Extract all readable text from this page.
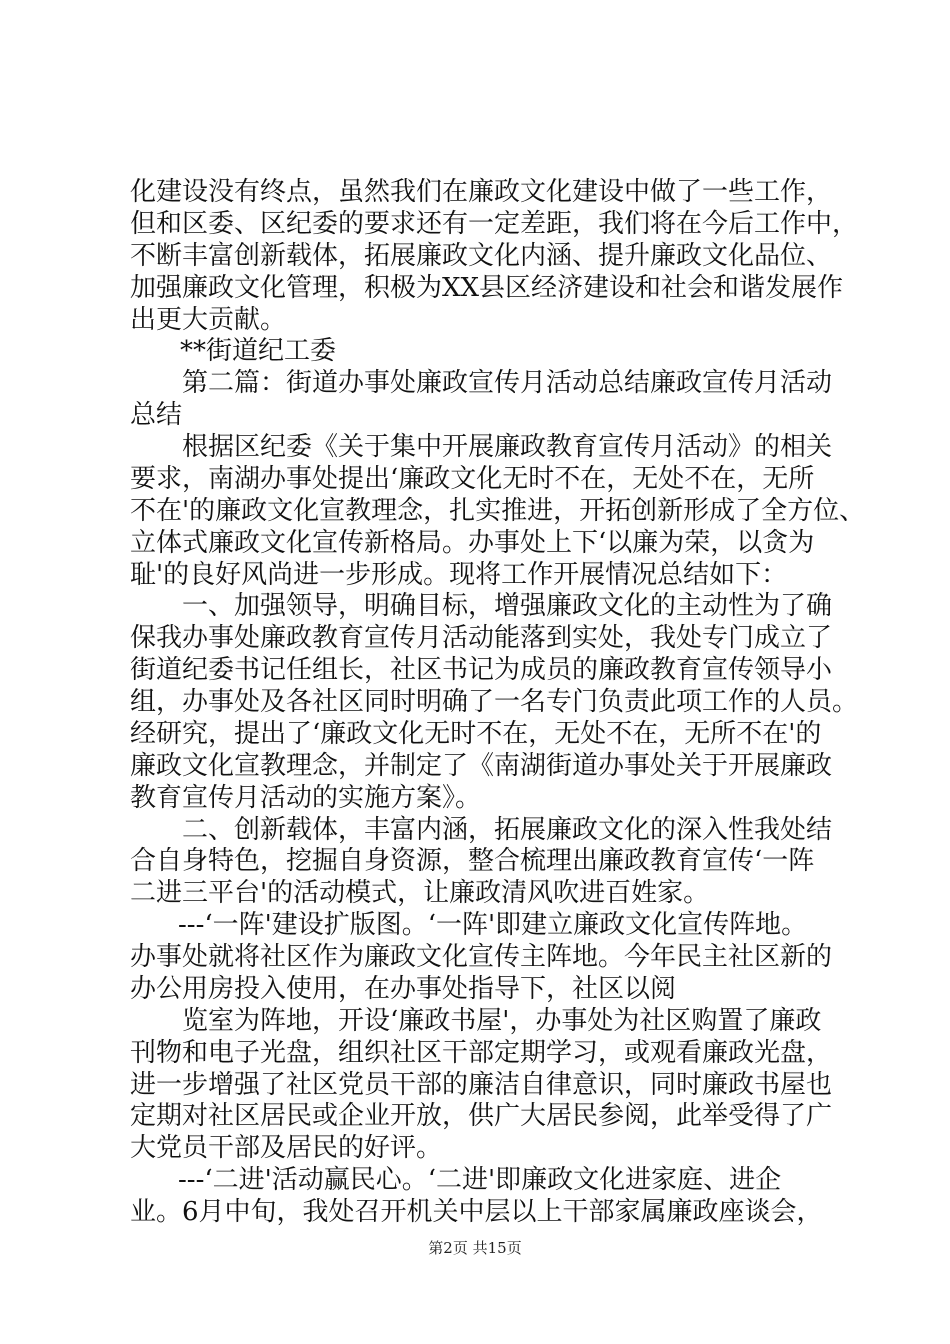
化建设没有终点，虽然我们在廉政文化建设中做了一些工作，
但和区委、区纪委的要求还有一定差距，我们将在今后工作中，
不断丰富创新载体，拓展廉政文化内涵、提升廉政文化品位、
加强廉政文化管理，积极为XX县区经济建设和社会和谐发展作
出更大贡献。
**街道纪工委
第二篇：街道办事处廉政宣传月活动总结廉政宣传月活动
总结
根据区纪委《关于集中开展廉政教育宣传月活动》的相关
要求，南湖办事处提出‘廉政文化无时不在，无处不在，无所
不在'的廉政文化宣教理念，扎实推进，开拓创新形成了全方位、
立体式廉政文化宣传新格局。办事处上下‘以廉为荣，以贪为
耻'的良好风尚进一步形成。现将工作开展情况总结如下：
一、加强领导，明确目标，增强廉政文化的主动性为了确
保我办事处廉政教育宣传月活动能落到实处，我处专门成立了
街道纪委书记任组长，社区书记为成员的廉政教育宣传领导小
组，办事处及各社区同时明确了一名专门负责此项工作的人员。
经研究，提出了‘廉政文化无时不在，无处不在，无所不在'的
廉政文化宣教理念，并制定了《南湖街道办事处关于开展廉政
教育宣传月活动的实施方案》。
二、创新载体，丰富内涵，拓展廉政文化的深入性我处结
合自身特色，挖掘自身资源，整合梳理出廉政教育宣传‘一阵
二进三平台'的活动模式，让廉政清风吹进百姓家。
---‘一阵'建设扩版图。‘一阵'即建立廉政文化宣传阵地。
办事处就将社区作为廉政文化宣传主阵地。今年民主社区新的
办公用房投入使用，在办事处指导下，社区以阅
览室为阵地，开设‘廉政书屋'，办事处为社区购置了廉政
刊物和电子光盘，组织社区干部定期学习，或观看廉政光盘，
进一步增强了社区党员干部的廉洁自律意识，同时廉政书屋也
定期对社区居民或企业开放，供广大居民参阅，此举受得了广
大党员干部及居民的好评。
---‘二进'活动赢民心。‘二进'即廉政文化进家庭、进企
业。6月中旬，我处召开机关中层以上干部家属廉政座谈会，
第2页 共15页
